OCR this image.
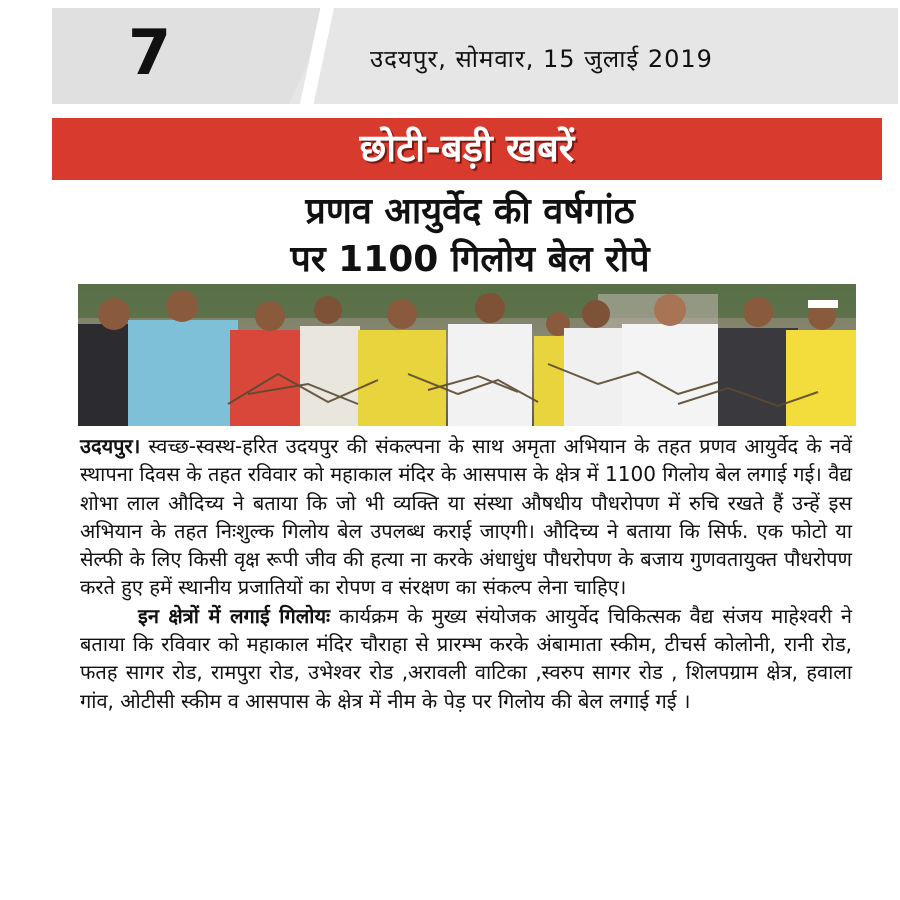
7	उदयपुर, सोमवार, 15 जुलाई 2019
छोटी-बड़ी खबरें
प्रणव आयुर्वेद की वर्षगांठ
पर 1100 गिलोय बेल रोपे

उदयपुर। स्वच्छ-स्वस्थ-हरित उदयपुर की संकल्पना के साथ अमृता अभियान के तहत प्रणव आयुर्वेद के नवें स्थापना दिवस के तहत रविवार को महाकाल मंदिर के आसपास के क्षेत्र में 1100 गिलोय बेल लगाई गई। वैद्य शोभा लाल औदिच्य ने बताया कि जो भी व्यक्ति या संस्था औषधीय पौधरोपण में रुचि रखते हैं उन्हें इस अभियान के तहत निःशुल्क गिलोय बेल उपलब्ध कराई जाएगी। औदिच्य ने बताया कि सिर्फ. एक फोटो या सेल्फी के लिए किसी वृक्ष रूपी जीव की हत्या ना करके अंधाधुंध पौधरोपण के बजाय गुणवतायुक्त पौधरोपण करते हुए हमें स्थानीय प्रजातियों का रोपण व संरक्षण का संकल्प लेना चाहिए।

इन क्षेत्रों में लगाई गिलोयः कार्यक्रम के मुख्य संयोजक आयुर्वेद चिकित्सक वैद्य संजय माहेश्वरी ने बताया कि रविवार को महाकाल मंदिर चौराहा से प्रारम्भ करके अंबामाता स्कीम, टीचर्स कोलोनी, रानी रोड, फतह सागर रोड, रामपुरा रोड, उभेश्वर रोड ,अरावली वाटिका ,स्वरुप सागर रोड , शिलपग्राम क्षेत्र, हवाला गांव, ओटीसी स्कीम व आसपास के क्षेत्र में नीम के पेड़ पर गिलोय की बेल लगाई गई ।
